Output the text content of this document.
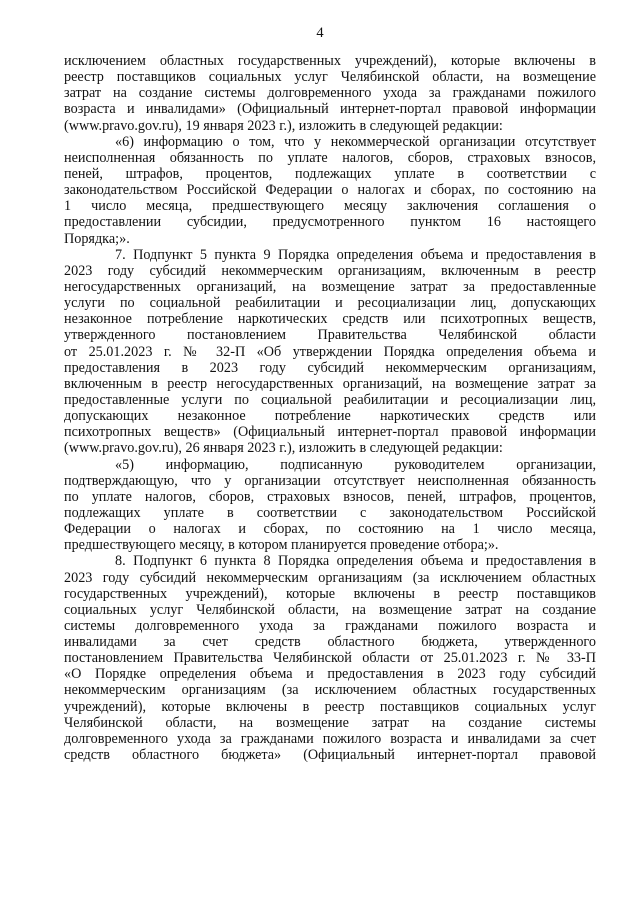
4
исключением областных государственных учреждений), которые включены в
реестр поставщиков социальных услуг Челябинской области, на возмещение
затрат на создание системы долговременного ухода за гражданами пожилого
возраста и инвалидами» (Официальный интернет-портал правовой информации
(www.pravo.gov.ru), 19 января 2023 г.), изложить в следующей редакции:
«6) информацию о том, что у некоммерческой организации отсутствует
неисполненная обязанность по уплате налогов, сборов, страховых взносов,
пеней, штрафов, процентов, подлежащих уплате в соответствии с
законодательством Российской Федерации о налогах и сборах, по состоянию на
1 число месяца, предшествующего месяцу заключения соглашения о
предоставлении субсидии, предусмотренного пунктом 16 настоящего
Порядка;».
7. Подпункт 5 пункта 9 Порядка определения объема и предоставления в
2023 году субсидий некоммерческим организациям, включенным в реестр
негосударственных организаций, на возмещение затрат за предоставленные
услуги по социальной реабилитации и ресоциализации лиц, допускающих
незаконное потребление наркотических средств или психотропных веществ,
утвержденного постановлением Правительства Челябинской области
от 25.01.2023 г. № 32-П «Об утверждении Порядка определения объема и
предоставления в 2023 году субсидий некоммерческим организациям,
включенным в реестр негосударственных организаций, на возмещение затрат за
предоставленные услуги по социальной реабилитации и ресоциализации лиц,
допускающих незаконное потребление наркотических средств или
психотропных веществ» (Официальный интернет-портал правовой информации
(www.pravo.gov.ru), 26 января 2023 г.), изложить в следующей редакции:
«5) информацию, подписанную руководителем организации,
подтверждающую, что у организации отсутствует неисполненная обязанность
по уплате налогов, сборов, страховых взносов, пеней, штрафов, процентов,
подлежащих уплате в соответствии с законодательством Российской
Федерации о налогах и сборах, по состоянию на 1 число месяца,
предшествующего месяцу, в котором планируется проведение отбора;».
8. Подпункт 6 пункта 8 Порядка определения объема и предоставления в
2023 году субсидий некоммерческим организациям (за исключением областных
государственных учреждений), которые включены в реестр поставщиков
социальных услуг Челябинской области, на возмещение затрат на создание
системы долговременного ухода за гражданами пожилого возраста и
инвалидами за счет средств областного бюджета, утвержденного
постановлением Правительства Челябинской области от 25.01.2023 г. № 33-П
«О Порядке определения объема и предоставления в 2023 году субсидий
некоммерческим организациям (за исключением областных государственных
учреждений), которые включены в реестр поставщиков социальных услуг
Челябинской области, на возмещение затрат на создание системы
долговременного ухода за гражданами пожилого возраста и инвалидами за счет
средств областного бюджета» (Официальный интернет-портал правовой
